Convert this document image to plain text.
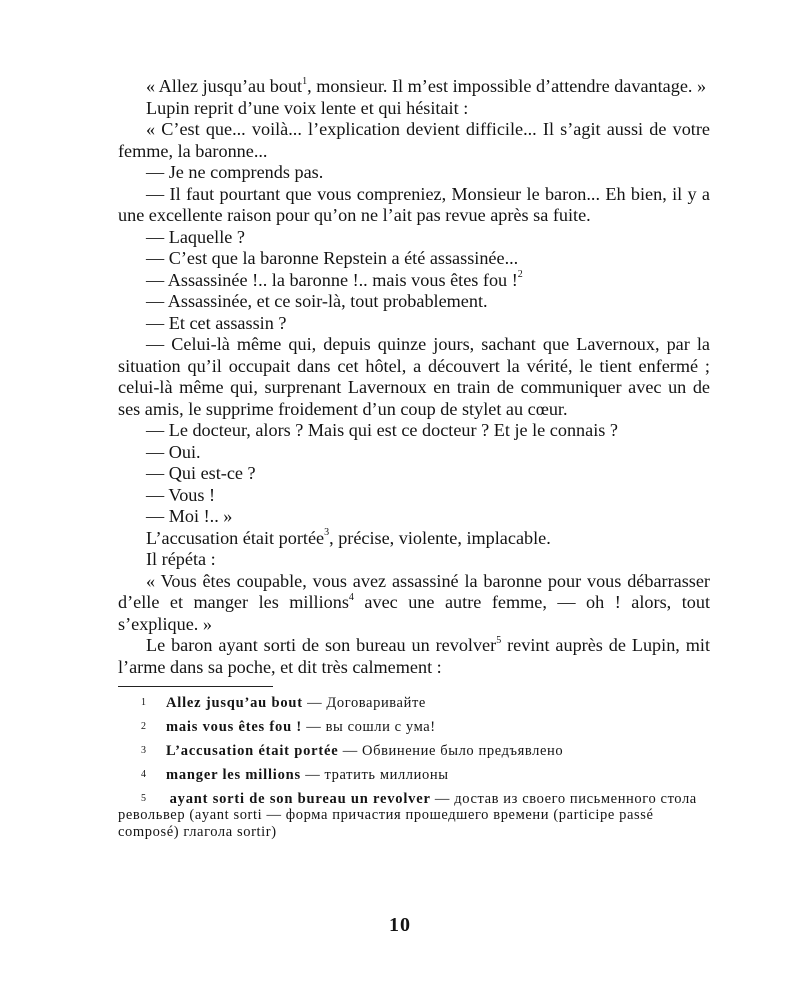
« Allez jusqu’au bout$^1$, monsieur. Il m’est impossible d’attendre davantage. »

Lupin reprit d’une voix lente et qui hésitait :

« C’est que... voilà... l’explication devient difficile... Il s’agit aussi de votre femme, la baronne...

— Je ne comprends pas.

— Il faut pourtant que vous compreniez, Monsieur le baron... Eh bien, il y a une excellente raison pour qu’on ne l’ait pas revue après sa fuite.

— Laquelle ?

— C’est que la baronne Repstein a été assassinée...

— Assassinée !.. la baronne !.. mais vous êtes fou !$^2$

— Assassinée, et ce soir-là, tout probablement.

— Et cet assassin ?

— Celui-là même qui, depuis quinze jours, sachant que Lavernoux, par la situation qu’il occupait dans cet hôtel, a découvert la vérité, le tient enfermé ; celui-là même qui, surprenant Lavernoux en train de communiquer avec un de ses amis, le supprime froidement d’un coup de stylet au cœur.

— Le docteur, alors ? Mais qui est ce docteur ? Et je le connais ?

— Oui.

— Qui est-ce ?

— Vous !

— Moi !.. »

L’accusation était portée$^3$, précise, violente, implacable.

Il répéta :

« Vous êtes coupable, vous avez assassiné la baronne pour vous débarrasser d’elle et manger les millions$^4$ avec une autre femme, — oh ! alors, tout s’explique. »

Le baron ayant sorti de son bureau un revolver$^5$ revint auprès de Lupin, mit l’arme dans sa poche, et dit très calmement :

1	Allez jusqu’au bout — Договаривайте
2	mais vous êtes fou ! — вы сошли с ума!
3	L’accusation était portée — Обвинение было предъявлено
4	manger les millions — тратить миллионы
5 ayant sorti de son bureau un revolver — достав из своего письменного стола револьвер (ayant sorti — форма причастия прошедшего времени (participe passé composé) глагола sortir)
10
